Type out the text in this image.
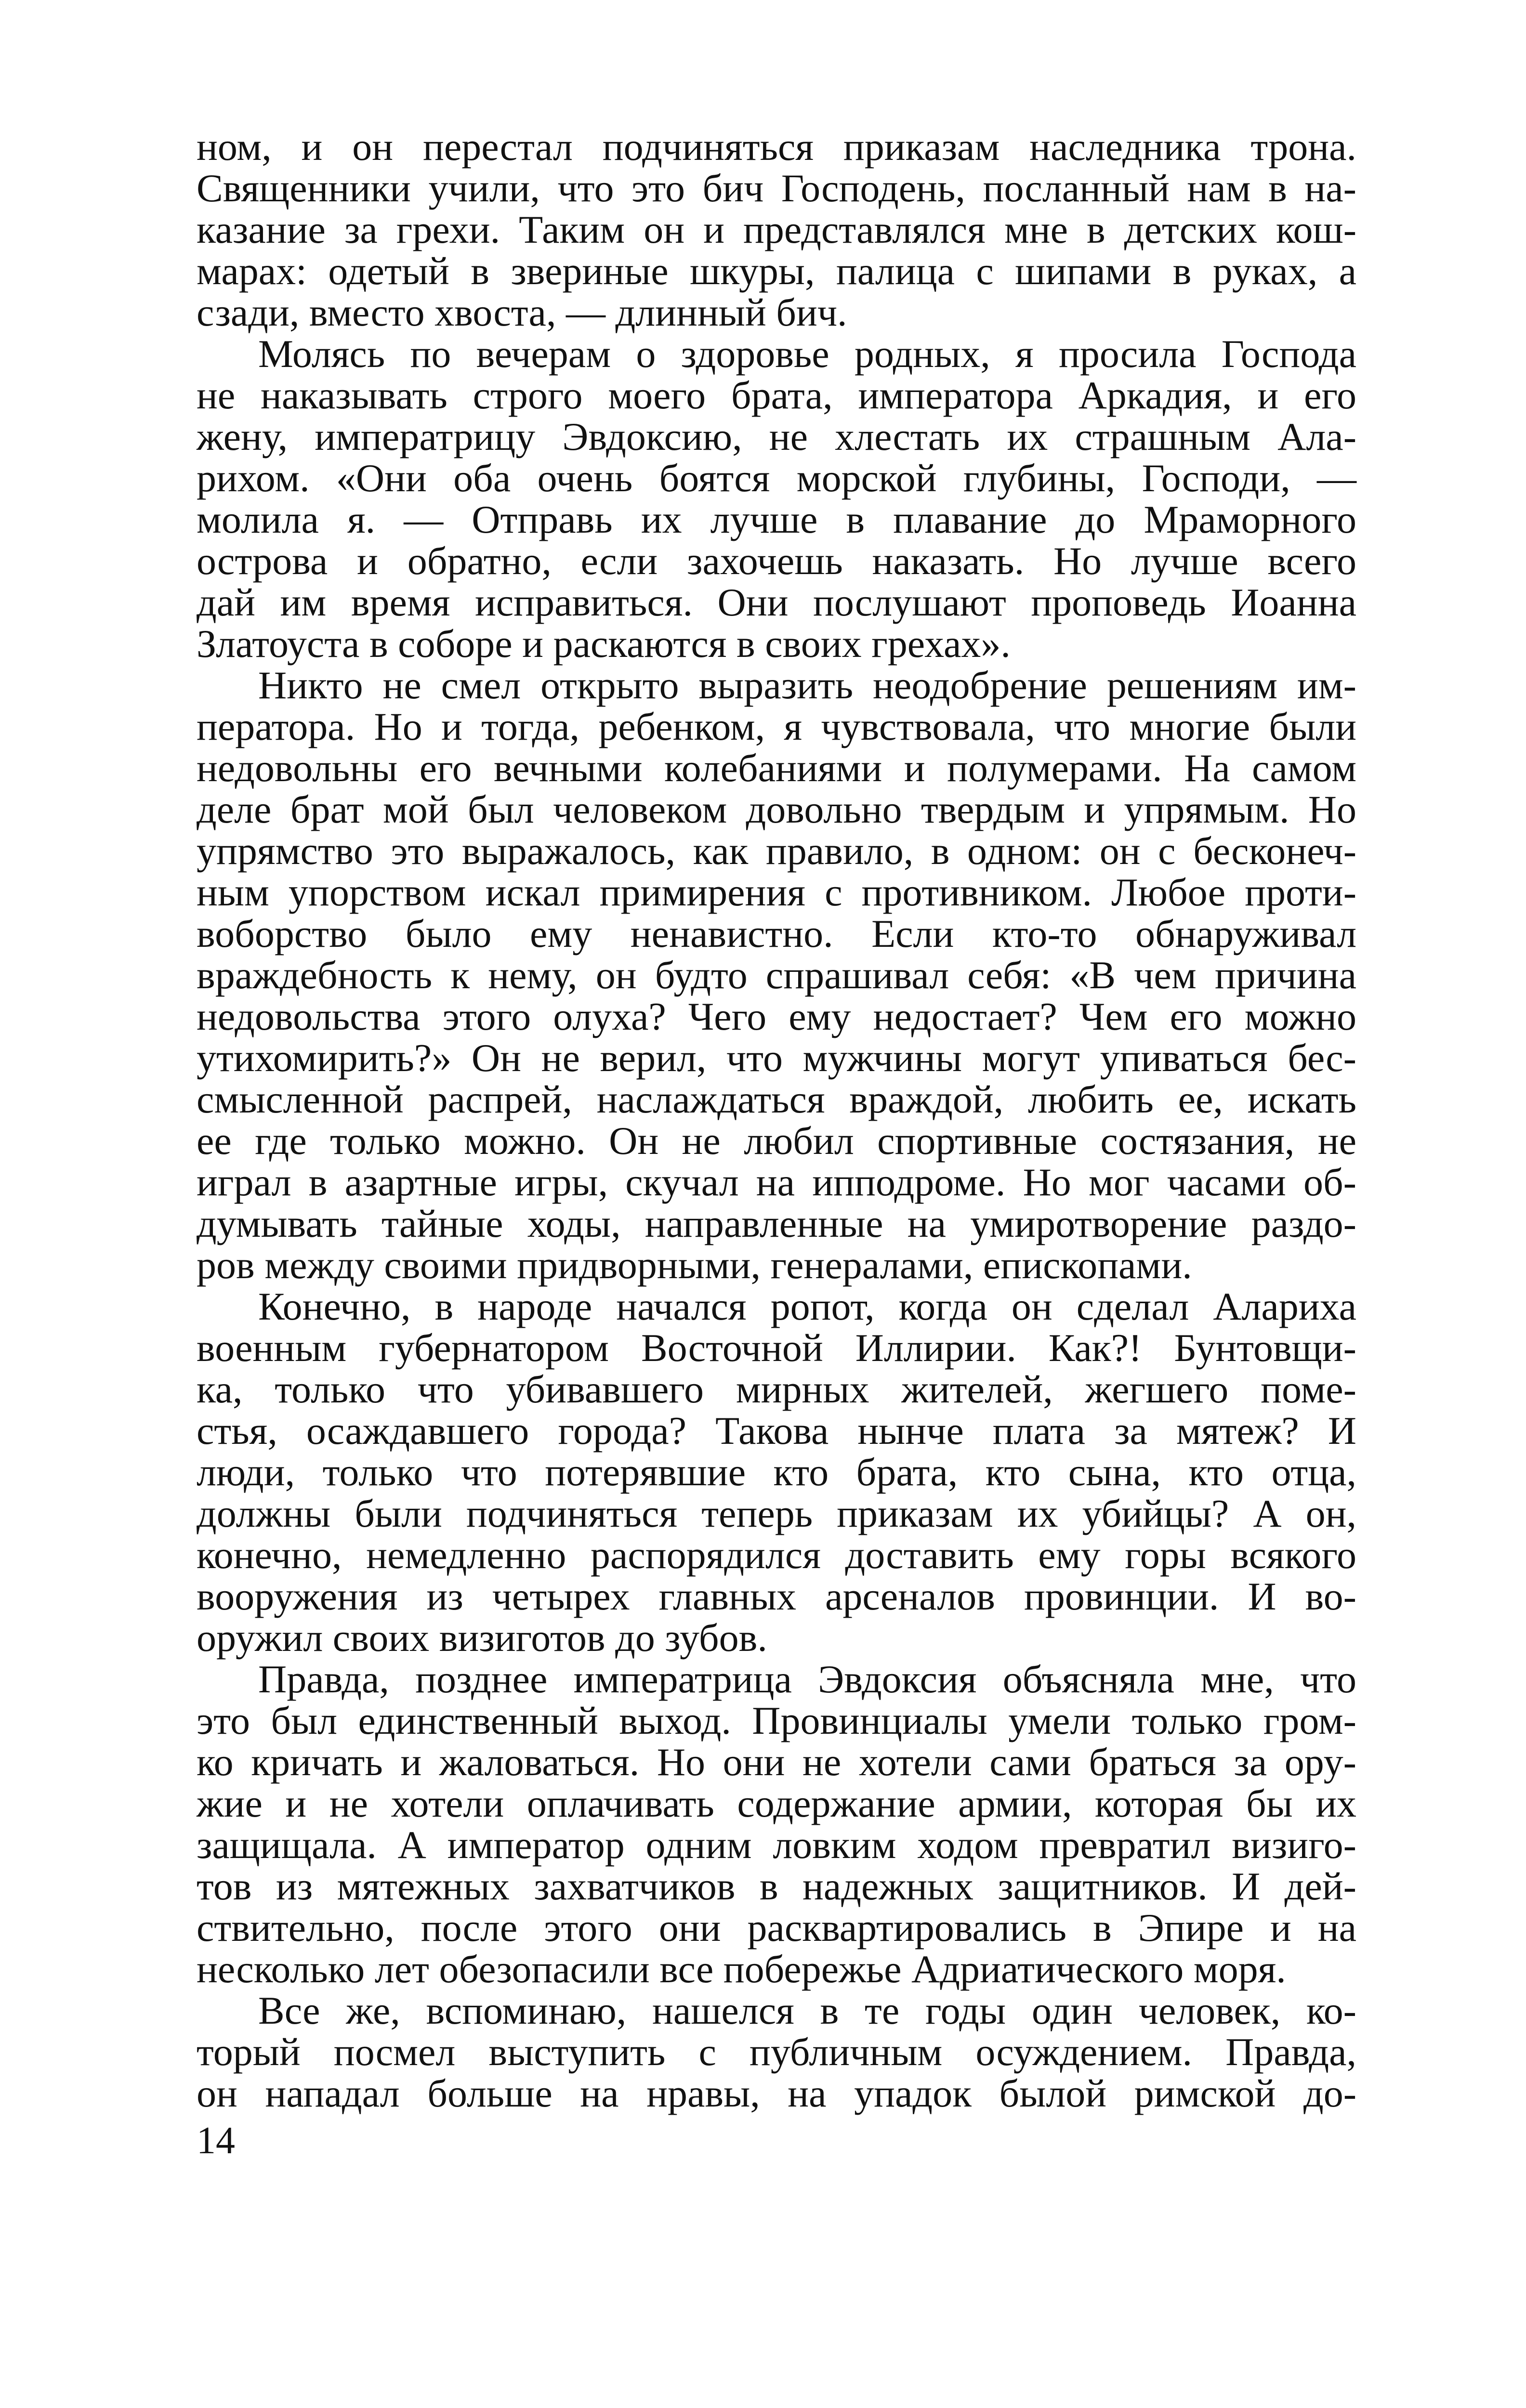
ном, и он перестал подчиняться приказам наследника трона.
Священники учили, что это бич Господень, посланный нам в на-
казание за грехи. Таким он и представлялся мне в детских кош-
марах: одетый в звериные шкуры, палица с шипами в руках, а
сзади, вместо хвоста, — длинный бич.
Молясь по вечерам о здоровье родных, я просила Господа
не наказывать строго моего брата, императора Аркадия, и его
жену, императрицу Эвдоксию, не хлестать их страшным Ала-
рихом. «Они оба очень боятся морской глубины, Господи, —
молила я. — Отправь их лучше в плавание до Мраморного
острова и обратно, если захочешь наказать. Но лучше всего
дай им время исправиться. Они послушают проповедь Иоанна
Златоуста в соборе и раскаются в своих грехах».
Никто не смел открыто выразить неодобрение решениям им-
ператора. Но и тогда, ребенком, я чувствовала, что многие были
недовольны его вечными колебаниями и полумерами. На самом
деле брат мой был человеком довольно твердым и упрямым. Но
упрямство это выражалось, как правило, в одном: он с бесконеч-
ным упорством искал примирения с противником. Любое проти-
воборство было ему ненавистно. Если кто-то обнаруживал
враждебность к нему, он будто спрашивал себя: «В чем причина
недовольства этого олуха? Чего ему недостает? Чем его можно
утихомирить?» Он не верил, что мужчины могут упиваться бес-
смысленной распрей, наслаждаться враждой, любить ее, искать
ее где только можно. Он не любил спортивные состязания, не
играл в азартные игры, скучал на ипподроме. Но мог часами об-
думывать тайные ходы, направленные на умиротворение раздо-
ров между своими придворными, генералами, епископами.
Конечно, в народе начался ропот, когда он сделал Алариха
военным губернатором Восточной Иллирии. Как?! Бунтовщи-
ка, только что убивавшего мирных жителей, жегшего поме-
стья, осаждавшего города? Такова нынче плата за мятеж? И
люди, только что потерявшие кто брата, кто сына, кто отца,
должны были подчиняться теперь приказам их убийцы? А он,
конечно, немедленно распорядился доставить ему горы всякого
вооружения из четырех главных арсеналов провинции. И во-
оружил своих визиготов до зубов.
Правда, позднее императрица Эвдоксия объясняла мне, что
это был единственный выход. Провинциалы умели только гром-
ко кричать и жаловаться. Но они не хотели сами браться за ору-
жие и не хотели оплачивать содержание армии, которая бы их
защищала. А император одним ловким ходом превратил визиго-
тов из мятежных захватчиков в надежных защитников. И дей-
ствительно, после этого они расквартировались в Эпире и на
несколько лет обезопасили все побережье Адриатического моря.
Все же, вспоминаю, нашелся в те годы один человек, ко-
торый посмел выступить с публичным осуждением. Правда,
он нападал больше на нравы, на упадок былой римской до-
14
